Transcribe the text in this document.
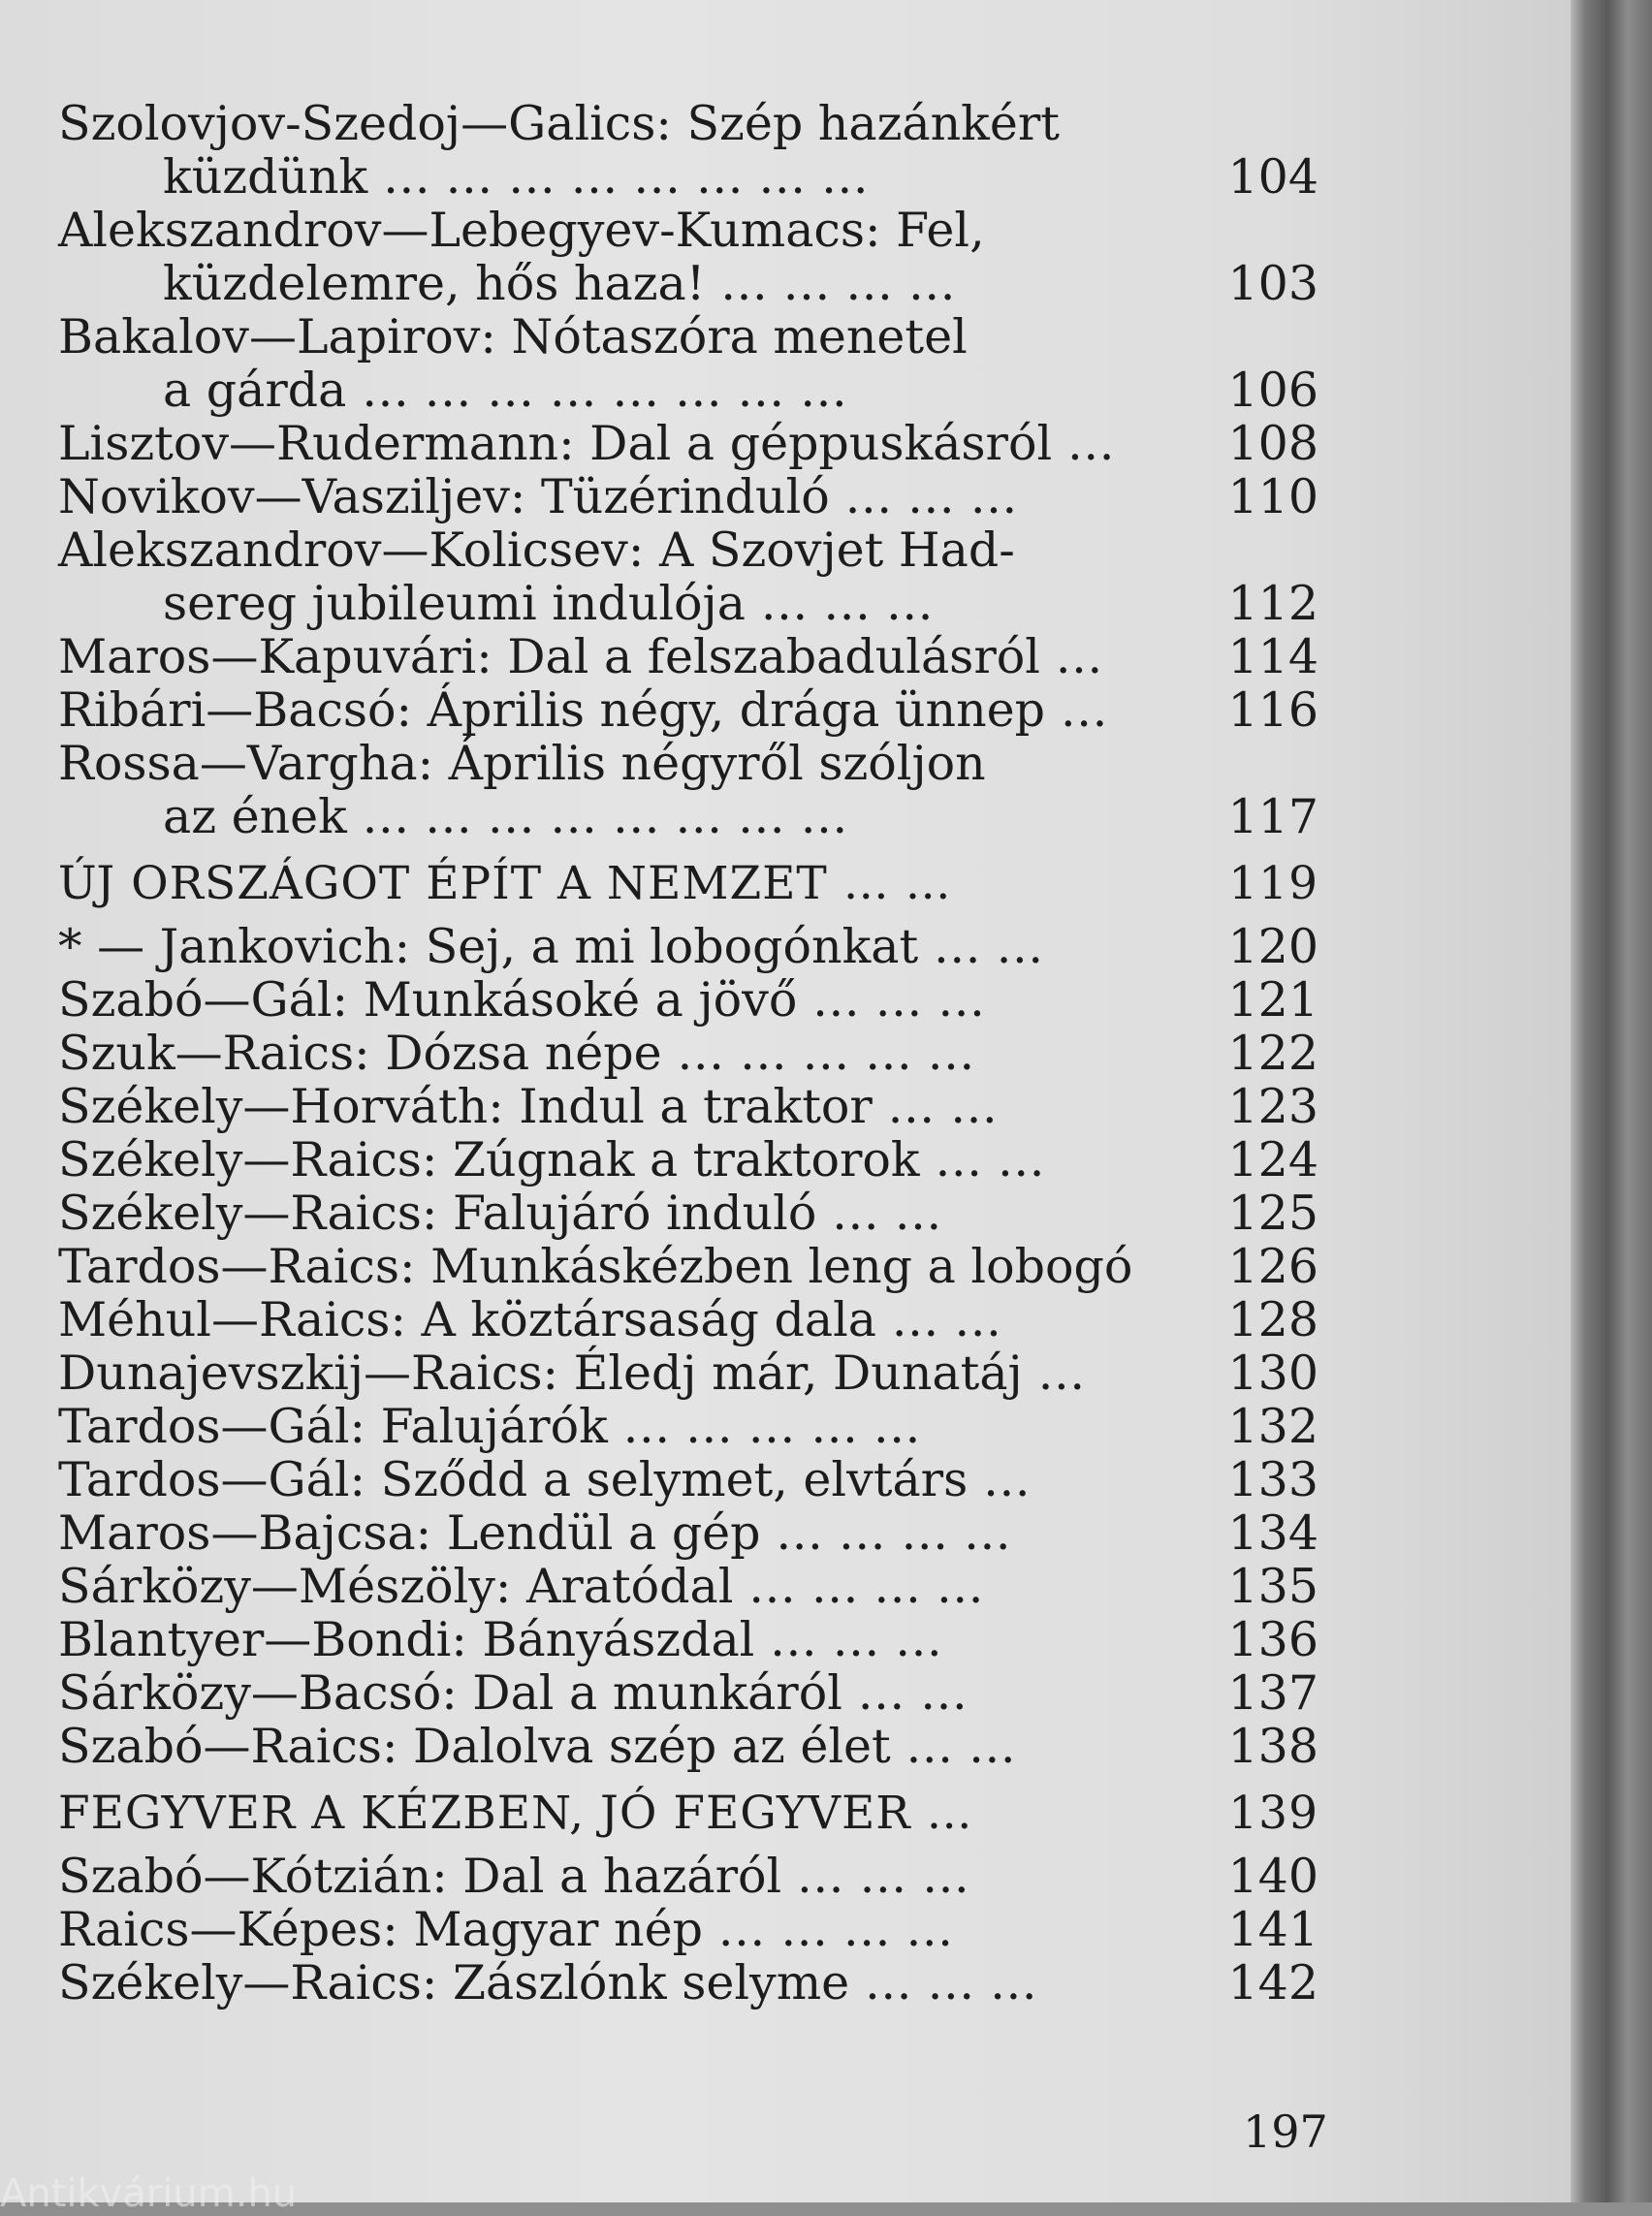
Szolovjov-Szedoj—Galics: Szép hazánkért
küzdünk … … … … … … … …	104
Alekszandrov—Lebegyev-Kumacs: Fel,
küzdelemre, hős haza! … … … …	103
Bakalov—Lapirov: Nótaszóra menetel
a gárda … … … … … … … …	106
Lisztov—Rudermann: Dal a géppuskásról …	108
Novikov—Vasziljev: Tüzérinduló … … …	110
Alekszandrov—Kolicsev: A Szovjet Had-
sereg jubileumi indulója … … …	112
Maros—Kapuvári: Dal a felszabadulásról …	114
Ribári—Bacsó: Április négy, drága ünnep …	116
Rossa—Vargha: Április négyről szóljon
az ének … … … … … … … …	117
ÚJ ORSZÁGOT ÉPÍT A NEMZET … …	119
* — Jankovich: Sej, a mi lobogónkat … …	120
Szabó—Gál: Munkásoké a jövő … … …	121
Szuk—Raics: Dózsa népe … … … … …	122
Székely—Horváth: Indul a traktor … …	123
Székely—Raics: Zúgnak a traktorok … …	124
Székely—Raics: Falujáró induló … …	125
Tardos—Raics: Munkáskézben leng a lobogó	126
Méhul—Raics: A köztársaság dala … …	128
Dunajevszkij—Raics: Éledj már, Dunatáj …	130
Tardos—Gál: Falujárók … … … … …	132
Tardos—Gál: Sződd a selymet, elvtárs …	133
Maros—Bajcsa: Lendül a gép … … … …	134
Sárközy—Mészöly: Aratódal … … … …	135
Blantyer—Bondi: Bányászdal … … …	136
Sárközy—Bacsó: Dal a munkáról … …	137
Szabó—Raics: Dalolva szép az élet … …	138
FEGYVER A KÉZBEN, JÓ FEGYVER …	139
Szabó—Kótzián: Dal a hazáról … … …	140
Raics—Képes: Magyar nép … … … …	141
Székely—Raics: Zászlónk selyme … … …	142
197
Antikvárium.hu
